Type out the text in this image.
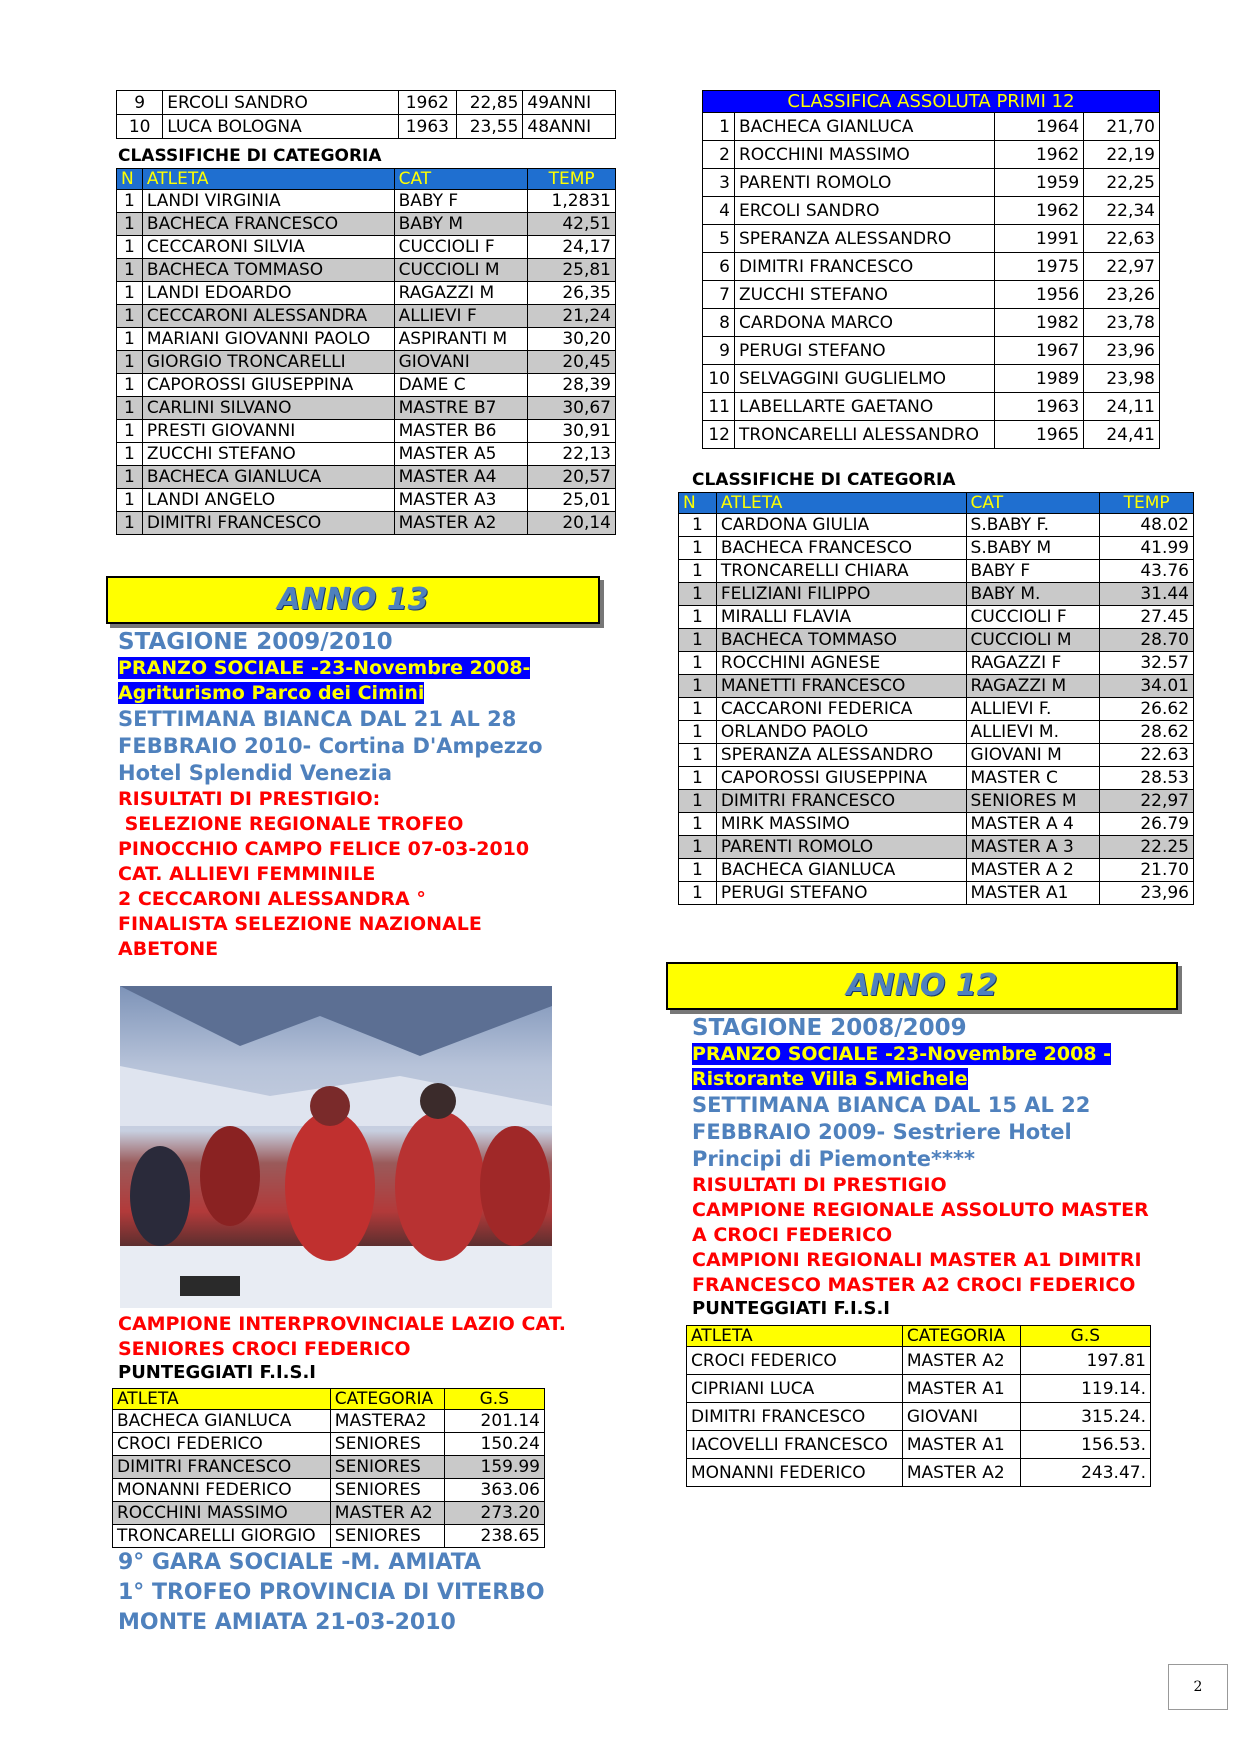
9	ERCOLI SANDRO	1962	22,85	49ANNI
10	LUCA BOLOGNA	1963	23,55	48ANNI
CLASSIFICHE DI CATEGORIA
N	ATLETA	CAT	TEMP
1	LANDI VIRGINIA	BABY F	1,2831
1	BACHECA FRANCESCO	BABY M	42,51
1	CECCARONI SILVIA	CUCCIOLI F	24,17
1	BACHECA TOMMASO	CUCCIOLI M	25,81
1	LANDI EDOARDO	RAGAZZI M	26,35
1	CECCARONI ALESSANDRA	ALLIEVI F	21,24
1	MARIANI GIOVANNI PAOLO	ASPIRANTI M	30,20
1	GIORGIO TRONCARELLI	GIOVANI	20,45
1	CAPOROSSI GIUSEPPINA	DAME C	28,39
1	CARLINI SILVANO	MASTRE B7	30,67
1	PRESTI GIOVANNI	MASTER B6	30,91
1	ZUCCHI STEFANO	MASTER A5	22,13
1	BACHECA GIANLUCA	MASTER A4	20,57
1	LANDI ANGELO	MASTER A3	25,01
1	DIMITRI FRANCESCO	MASTER A2	20,14
ANNO 13
STAGIONE 2009/2010
PRANZO SOCIALE -23-Novembre 2008-
Agriturismo Parco dei Cimini
SETTIMANA BIANCA DAL 21 AL 28
FEBBRAIO 2010- Cortina D'Ampezzo
Hotel Splendid Venezia
RISULTATI DI PRESTIGIO:
SELEZIONE REGIONALE TROFEO
PINOCCHIO CAMPO FELICE 07-03-2010
CAT. ALLIEVI FEMMINILE
2 CECCARONI ALESSANDRA °
FINALISTA SELEZIONE NAZIONALE
ABETONE
CAMPIONE INTERPROVINCIALE LAZIO CAT.
SENIORES CROCI FEDERICO
PUNTEGGIATI F.I.S.I
ATLETA	CATEGORIA	G.S
BACHECA GIANLUCA	MASTERA2	201.14
CROCI FEDERICO	SENIORES	150.24
DIMITRI FRANCESCO	SENIORES	159.99
MONANNI FEDERICO	SENIORES	363.06
ROCCHINI MASSIMO	MASTER A2	273.20
TRONCARELLI GIORGIO	SENIORES	238.65
9° GARA SOCIALE -M. AMIATA
1° TROFEO PROVINCIA DI VITERBO
MONTE AMIATA 21-03-2010
CLASSIFICA ASSOLUTA PRIMI 12			
1	BACHECA GIANLUCA	1964	21,70
2	ROCCHINI MASSIMO	1962	22,19
3	PARENTI ROMOLO	1959	22,25
4	ERCOLI SANDRO	1962	22,34
5	SPERANZA ALESSANDRO	1991	22,63
6	DIMITRI FRANCESCO	1975	22,97
7	ZUCCHI STEFANO	1956	23,26
8	CARDONA MARCO	1982	23,78
9	PERUGI STEFANO	1967	23,96
10	SELVAGGINI GUGLIELMO	1989	23,98
11	LABELLARTE GAETANO	1963	24,11
12	TRONCARELLI ALESSANDRO	1965	24,41
CLASSIFICHE DI CATEGORIA
N	ATLETA	CAT	TEMP
1	CARDONA GIULIA	S.BABY F.	48.02
1	BACHECA FRANCESCO	S.BABY M	41.99
1	TRONCARELLI CHIARA	BABY F	43.76
1	FELIZIANI FILIPPO	BABY M.	31.44
1	MIRALLI FLAVIA	CUCCIOLI F	27.45
1	BACHECA TOMMASO	CUCCIOLI M	28.70
1	ROCCHINI AGNESE	RAGAZZI F	32.57
1	MANETTI FRANCESCO	RAGAZZI M	34.01
1	CACCARONI FEDERICA	ALLIEVI F.	26.62
1	ORLANDO PAOLO	ALLIEVI M.	28.62
1	SPERANZA ALESSANDRO	GIOVANI M	22.63
1	CAPOROSSI GIUSEPPINA	MASTER C	28.53
1	DIMITRI FRANCESCO	SENIORES M	22,97
1	MIRK MASSIMO	MASTER A 4	26.79
1	PARENTI ROMOLO	MASTER A 3	22.25
1	BACHECA GIANLUCA	MASTER A 2	21.70
1	PERUGI STEFANO	MASTER A1	23,96
ANNO 12
STAGIONE 2008/2009
PRANZO SOCIALE -23-Novembre 2008 -
Ristorante Villa S.Michele
SETTIMANA BIANCA DAL 15 AL 22
FEBBRAIO 2009- Sestriere Hotel
Principi di Piemonte****
RISULTATI DI PRESTIGIO
CAMPIONE REGIONALE ASSOLUTO MASTER
A CROCI FEDERICO
CAMPIONI REGIONALI MASTER A1 DIMITRI
FRANCESCO MASTER A2 CROCI FEDERICO
PUNTEGGIATI F.I.S.I
ATLETA	CATEGORIA	G.S
CROCI FEDERICO	MASTER A2	197.81
CIPRIANI LUCA	MASTER A1	119.14.
DIMITRI FRANCESCO	GIOVANI	315.24.
IACOVELLI FRANCESCO	MASTER A1	156.53.
MONANNI FEDERICO	MASTER A2	243.47.
2
